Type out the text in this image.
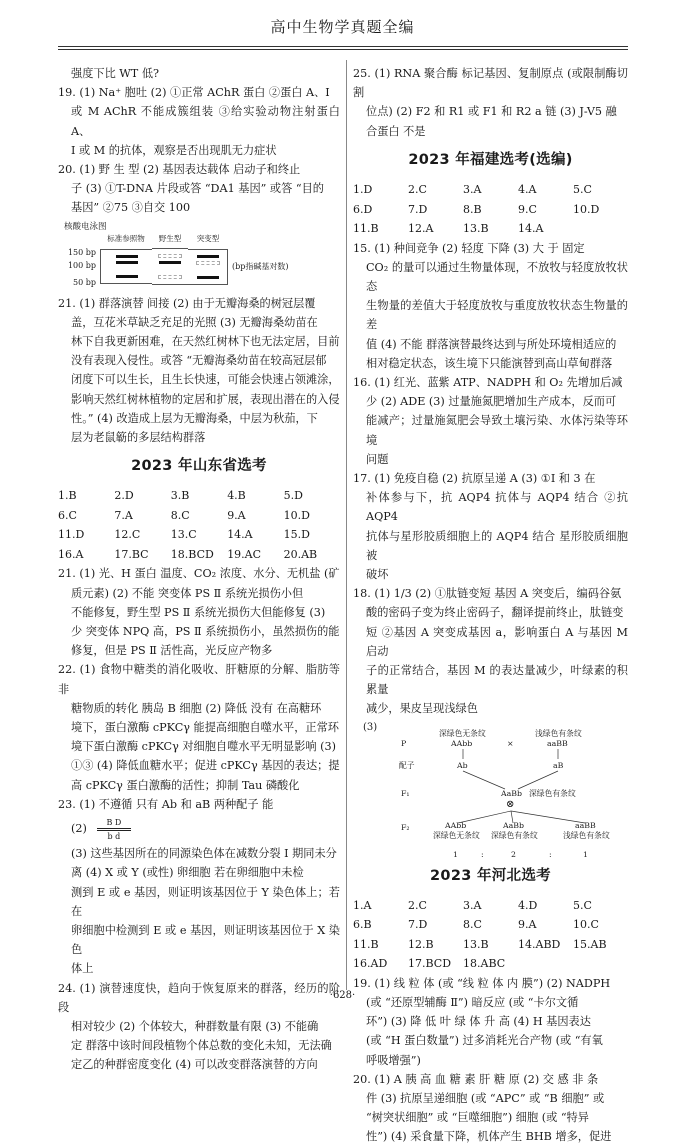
高中生物学真题全编

强度下比 WT 低?

19. (1) Na⁺ 胞吐 (2) ①正常 AChR 蛋白 ②蛋白 A、I

或 M AChR 不能成簇组装 ③给实验动物注射蛋白 A、

I 或 M 的抗体，观察是否出现肌无力症状

20. (1) 野 生 型 (2) 基因表达载体 启动子和终止

子 (3) ①T-DNA 片段或答 “DA1 基因” 或答 “目的

基因” ②75 ③自交 100

核酸电泳图
标准参照物	野生型	突变型
150 bp
100 bp
50 bp
(bp指碱基对数)

21. (1) 群落演替 间接 (2) 由于无瓣海桑的树冠层覆

盖，互花米草缺乏充足的光照 (3) 无瓣海桑幼苗在

林下自我更新困难，在天然红树林下也无法定居，目前

没有表现入侵性。或答 “无瓣海桑幼苗在较高冠层郁

闭度下可以生长，且生长快速，可能会快速占领滩涂，

影响天然红树林植物的定居和扩展，表现出潜在的入侵

性。” (4) 改造成上层为无瓣海桑，中层为秋茄，下

层为老鼠簕的多层结构群落

2023 年山东省选考
1.B	2.D	3.B	4.B	5.D
6.C	7.A	8.C	9.A	10.D
11.D	12.C	13.C	14.A	15.D
16.A	17.BC	18.BCD	19.AC	20.AB

21. (1) 光、H 蛋白 温度、CO₂ 浓度、水分、无机盐 (矿

质元素) (2) 不能 突变体 PS Ⅱ 系统光损伤小但

不能修复，野生型 PS Ⅱ 系统光损伤大但能修复 (3)

少 突变体 NPQ 高，PS Ⅱ 系统损伤小，虽然损伤的能

修复，但是 PS Ⅱ 活性高，光反应产物多

22. (1) 食物中糖类的消化吸收、肝糖原的分解、脂肪等非

糖物质的转化 胰岛 B 细胞 (2) 降低 没有 在高糖环

境下，蛋白激酶 cPKCγ 能提高细胞自噬水平，正常环

境下蛋白激酶 cPKCγ 对细胞自噬水平无明显影响 (3)

①③ (4) 降低血糖水平；促进 cPKCγ 基因的表达；提

高 cPKCγ 蛋白激酶的活性；抑制 Tau 磷酸化

23. (1) 不遵循 只有 Ab 和 aB 两种配子 能

(2)
B D
b d

(3) 这些基因所在的同源染色体在减数分裂 Ⅰ 期同未分

离 (4) X 或 Y (或性) 卵细胞 若在卵细胞中未检

测到 E 或 e 基因，则证明该基因位于 Y 染色体上；若在

卵细胞中检测到 E 或 e 基因，则证明该基因位于 X 染色

体上

24. (1) 演替速度快，趋向于恢复原来的群落，经历的阶段

相对较少 (2) 个体较大，种群数量有限 (3) 不能确

定 群落中该时间段植物个体总数的变化未知，无法确

定乙的种群密度变化 (4) 可以改变群落演替的方向

25. (1) RNA 聚合酶 标记基因、复制原点 (或限制酶切割

位点) (2) F2 和 R1 或 F1 和 R2 a 链 (3) J-V5 融

合蛋白 不是

2023 年福建选考(选编)
1.D	2.C	3.A	4.A	5.C
6.D	7.D	8.B	9.C	10.D
11.B	12.A	13.B	14.A

15. (1) 种间竞争 (2) 轻度 下降 (3) 大 于 固定

CO₂ 的量可以通过生物量体现，不放牧与轻度放牧状态

生物量的差值大于轻度放牧与重度放牧状态生物量的差

值 (4) 不能 群落演替最终达到与所处环境相适应的

相对稳定状态，该生境下只能演替到高山草甸群落

16. (1) 红光、蓝紫 ATP、NADPH 和 O₂ 先增加后减

少 (2) ADE (3) 过量施氮肥增加生产成本，反而可

能减产；过量施氮肥会导致土壤污染、水体污染等环境

问题

17. (1) 免疫自稳 (2) 抗原呈递 A (3) ①Ⅰ 和 3 在

补体参与下，抗 AQP4 抗体与 AQP4 结合 ②抗 AQP4

抗体与星形胶质细胞上的 AQP4 结合 星形胶质细胞被

破坏

18. (1) 1/3 (2) ①肽链变短 基因 A 突变后，编码谷氨

酸的密码子变为终止密码子，翻译提前终止，肽链变

短 ②基因 A 突变成基因 a，影响蛋白 A 与基因 M 启动

子的正常结合，基因 M 的表达量减少，叶绿素的积累量

减少，果皮呈现浅绿色

(3)
P
深绿色无条纹
AAbb	×
浅绿色有条纹
aaBB
配子	Ab	aB
F₁	AaBb 深绿色有条纹
⊗
F₂	AAbb	AaBb	aaBB
深绿色无条纹 深绿色有条纹	浅绿色有条纹
1	:	2	:	1
2023 年河北选考
1.A	2.C	3.A	4.D	5.C
6.B	7.D	8.C	9.A	10.C
11.B	12.B	13.B	14.ABD	15.AB
16.AD	17.BCD	18.ABC

19. (1) 线 粒 体 (或 “线 粒 体 内 膜”) (2) NADPH

(或 “还原型辅酶 Ⅱ”) 暗反应 (或 “卡尔文循

环”) (3) 降 低 叶 绿 体 升 高 (4) H 基因表达

(或 “H 蛋白数量”) 过多消耗光合产物 (或 “有氧

呼吸增强”)

20. (1) A 胰 高 血 糖 素 肝 糖 原 (2) 交 感 非 条

件 (3) 抗原呈递细胞 (或 “APC” 或 “B 细胞” 或

“树突状细胞” 或 “巨噬细胞”) 细胞 (或 “特异

性”) (4) 采食量下降，机体产生 BHB 增多，促进

·628·
